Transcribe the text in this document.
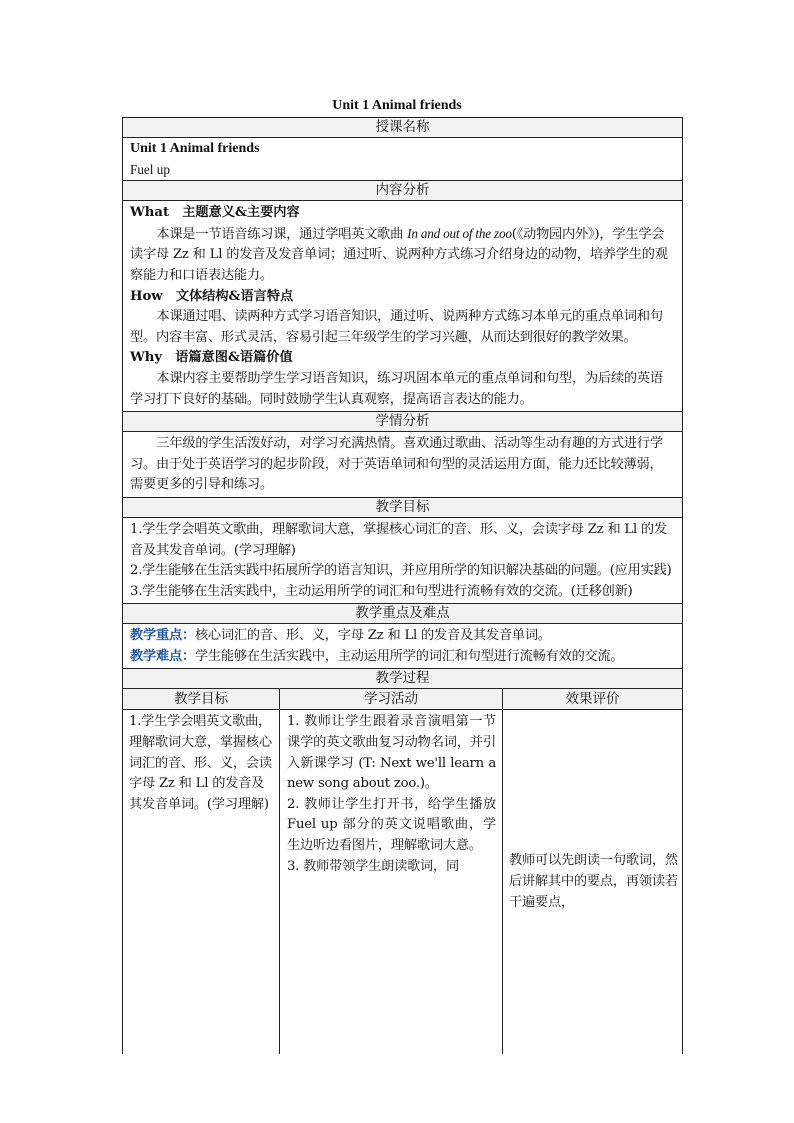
Unit 1 Animal friends
授课名称
Unit 1 Animal friends
Fuel up
内容分析
What　主题意义&主要内容
本课是一节语音练习课，通过学唱英文歌曲 In and out of the zoo(《动物园内外》)，学生学会读字母 Zz 和 Ll 的发音及发音单词；通过听、说两种方式练习介绍身边的动物，培养学生的观察能力和口语表达能力。
How　文体结构&语言特点
本课通过唱、读两种方式学习语音知识，通过听、说两种方式练习本单元的重点单词和句型。内容丰富、形式灵活，容易引起三年级学生的学习兴趣，从而达到很好的教学效果。
Why　语篇意图&语篇价值
本课内容主要帮助学生学习语音知识，练习巩固本单元的重点单词和句型，为后续的英语学习打下良好的基础。同时鼓励学生认真观察，提高语言表达的能力。
学情分析
三年级的学生活泼好动，对学习充满热情。喜欢通过歌曲、活动等生动有趣的方式进行学习。由于处于英语学习的起步阶段，对于英语单词和句型的灵活运用方面，能力还比较薄弱，需要更多的引导和练习。
教学目标
1.学生学会唱英文歌曲，理解歌词大意，掌握核心词汇的音、形、义，会读字母 Zz 和 Ll 的发音及其发音单词。(学习理解)
2.学生能够在生活实践中拓展所学的语言知识，并应用所学的知识解决基础的问题。(应用实践)
3.学生能够在生活实践中，主动运用所学的词汇和句型进行流畅有效的交流。(迁移创新)
教学重点及难点
教学重点：核心词汇的音、形、义，字母 Zz 和 Ll 的发音及其发音单词。
教学难点：学生能够在生活实践中，主动运用所学的词汇和句型进行流畅有效的交流。
教学过程
教学目标
1.学生学会唱英文歌曲，理解歌词大意，掌握核心词汇的音、形、义，会读字母 Zz 和 Ll 的发音及其发音单词。(学习理解)
学习活动
1. 教师让学生跟着录音演唱第一节课学的英文歌曲复习动物名词，并引入新课学习 (T: Next we'll learn a new song about zoo.)。
2. 教师让学生打开书，给学生播放 Fuel up 部分的英文说唱歌曲，学生边听边看图片，理解歌词大意。
3. 教师带领学生朗读歌词，同
效果评价
教师可以先朗读一句歌词，然后讲解其中的要点，再领读若干遍要点，
